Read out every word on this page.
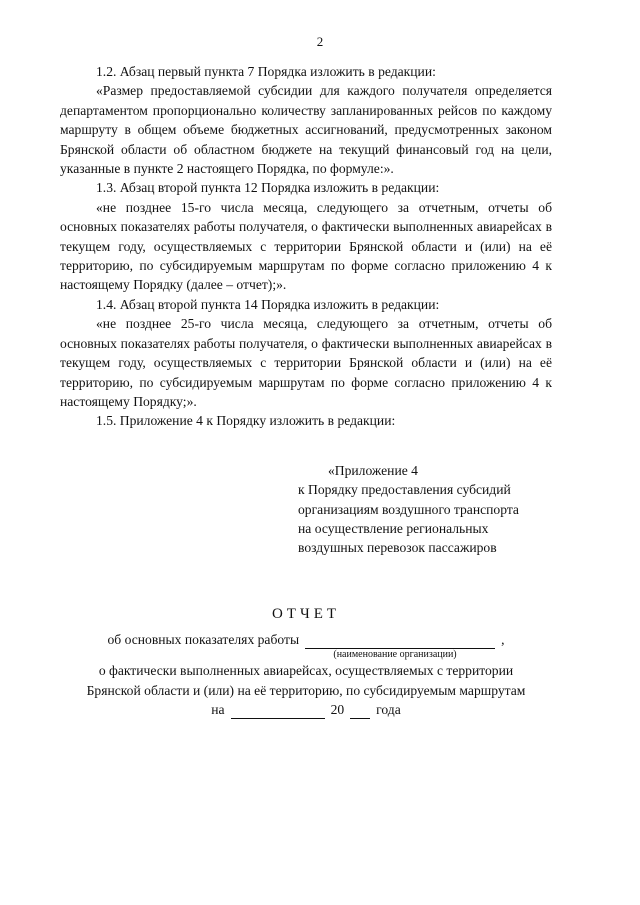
2

1.2. Абзац первый пункта 7 Порядка изложить в редакции:

«Размер предоставляемой субсидии для каждого получателя определяется департаментом пропорционально количеству запланированных рейсов по каждому маршруту в общем объеме бюджетных ассигнований, предусмотренных законом Брянской области об областном бюджете на текущий финансовый год на цели, указанные в пункте 2 настоящего Порядка, по формуле:».

1.3. Абзац второй пункта 12 Порядка изложить в редакции:

«не позднее 15-го числа месяца, следующего за отчетным, отчеты об основных показателях работы получателя, о фактически выполненных авиарейсах в текущем году, осуществляемых с территории Брянской области и (или) на её территорию, по субсидируемым маршрутам по форме согласно приложению 4 к настоящему Порядку (далее – отчет);».

1.4. Абзац второй пункта 14 Порядка изложить в редакции:

«не позднее 25-го числа месяца, следующего за отчетным, отчеты об основных показателях работы получателя, о фактически выполненных авиарейсах в текущем году, осуществляемых с территории Брянской области и (или) на её территорию, по субсидируемым маршрутам по форме согласно приложению 4 к настоящему Порядку;».

1.5. Приложение 4 к Порядку изложить в редакции:

«Приложение 4
к Порядку предоставления субсидий
организациям воздушного транспорта
на осуществление региональных
воздушных перевозок пассажиров
ОТЧЕТ
об основных показателях работы	,
(наименование организации)
о фактически выполненных авиарейсах, осуществляемых с территории
Брянской области и (или) на её территорию, по субсидируемым маршрутам
на	20 года
